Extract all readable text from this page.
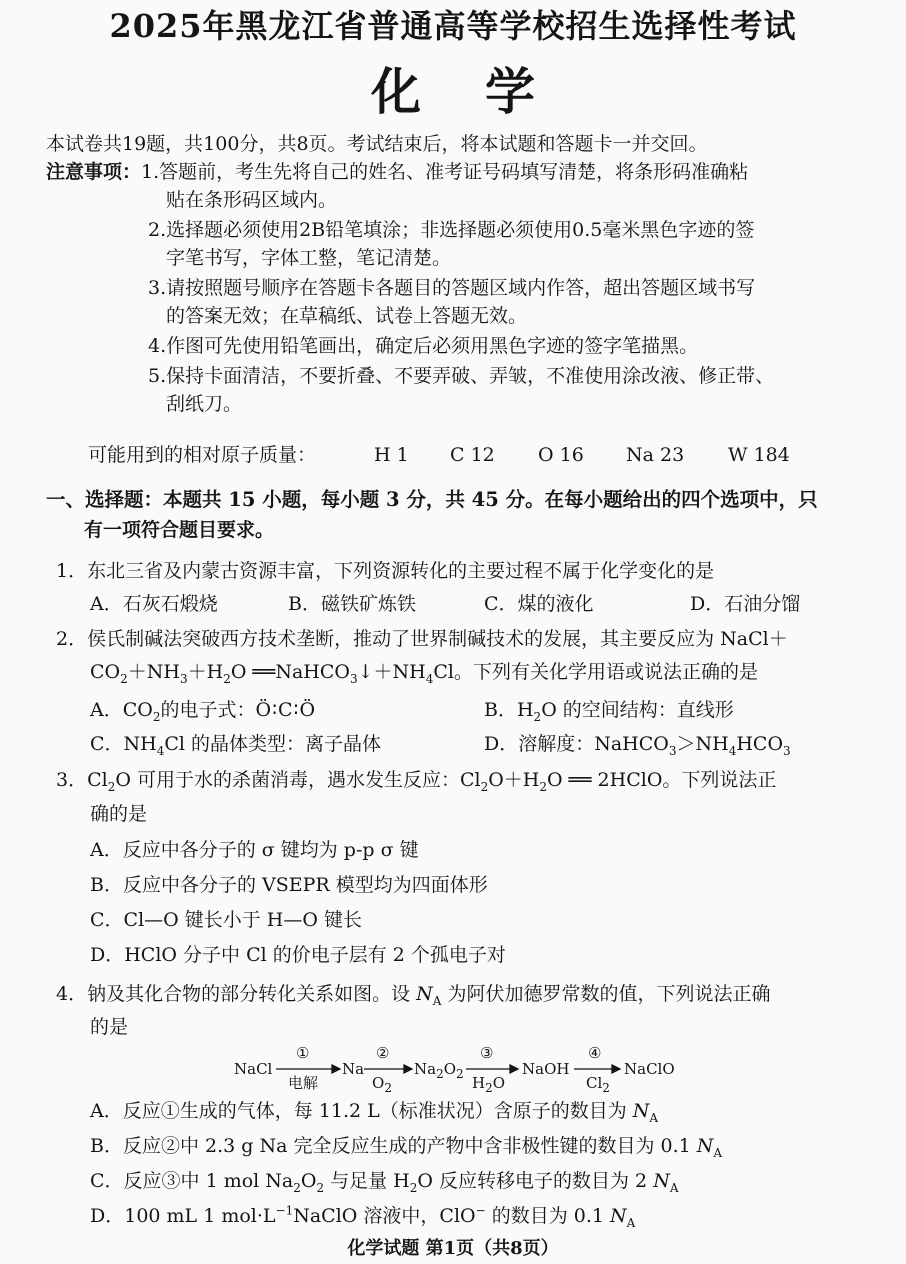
2025年黑龙江省普通高等学校招生选择性考试
化学
本试卷共19题，共100分，共8页。考试结束后，将本试题和答题卡一并交回。
注意事项：1.答题前，考生先将自己的姓名、准考证号码填写清楚，将条形码准确粘
贴在条形码区域内。
2.选择题必须使用2B铅笔填涂；非选择题必须使用0.5毫米黑色字迹的签
字笔书写，字体工整，笔记清楚。
3.请按照题号顺序在答题卡各题目的答题区域内作答，超出答题区域书写
的答案无效；在草稿纸、试卷上答题无效。
4.作图可先使用铅笔画出，确定后必须用黑色字迹的签字笔描黑。
5.保持卡面清洁，不要折叠、不要弄破、弄皱，不准使用涂改液、修正带、
刮纸刀。
可能用到的相对原子质量：	H 1 C 12 O 16 Na 23 W 184
一、选择题：本题共 15 小题，每小题 3 分，共 45 分。在每小题给出的四个选项中，只
有一项符合题目要求。
1．东北三省及内蒙古资源丰富，下列资源转化的主要过程不属于化学变化的是
A．石灰石煅烧	B．磁铁矿炼铁	C．煤的液化	D．石油分馏
2．侯氏制碱法突破西方技术垄断，推动了世界制碱技术的发展，其主要反应为 NaCl＋
$CO_2+NH_3+H_2O$ $══NaHCO_3↓+NH_4Cl$。下列有关化学用语或说法正确的是
A．$CO_2$的电子式：Ö∶C∶Ö	B．$H_2O$ 的空间结构：直线形
C．$NH_4Cl$ 的晶体类型：离子晶体	D．溶解度：$NaHCO_3>NH_4HCO_3$
3．$Cl_2O$ 可用于水的杀菌消毒，遇水发生反应：$Cl_2O+H_2O$ ══ 2HClO。下列说法正
确的是
A．反应中各分子的 σ 键均为 p-p σ 键
B．反应中各分子的 VSEPR 模型均为四面体形
C．Cl—O 键长小于 H—O 键长
D．HClO 分子中 Cl 的价电子层有 2 个孤电子对
4．钠及其化合物的部分转化关系如图。设 $N_A$ 为阿伏加德罗常数的值，下列说法正确
的是
NaCl
①
电解
Na
②
$O_2$
$Na_2O_2$
③
$H_2O$
NaOH
④
$Cl_2$
NaClO
A．反应①生成的气体，每 11.2 L（标准状况）含原子的数目为 $N_A$
B．反应②中 2.3 g Na 完全反应生成的产物中含非极性键的数目为 0.1 $N_A$
C．反应③中 1 mol $Na_2O_2$ 与足量 $H_2O$ 反应转移电子的数目为 2 $N_A$
D．100 mL 1 $mol\cdot L^{-1}NaClO$ 溶液中，ClO− 的数目为 0.1 $N_A$
化学试题 第1页（共8页）
